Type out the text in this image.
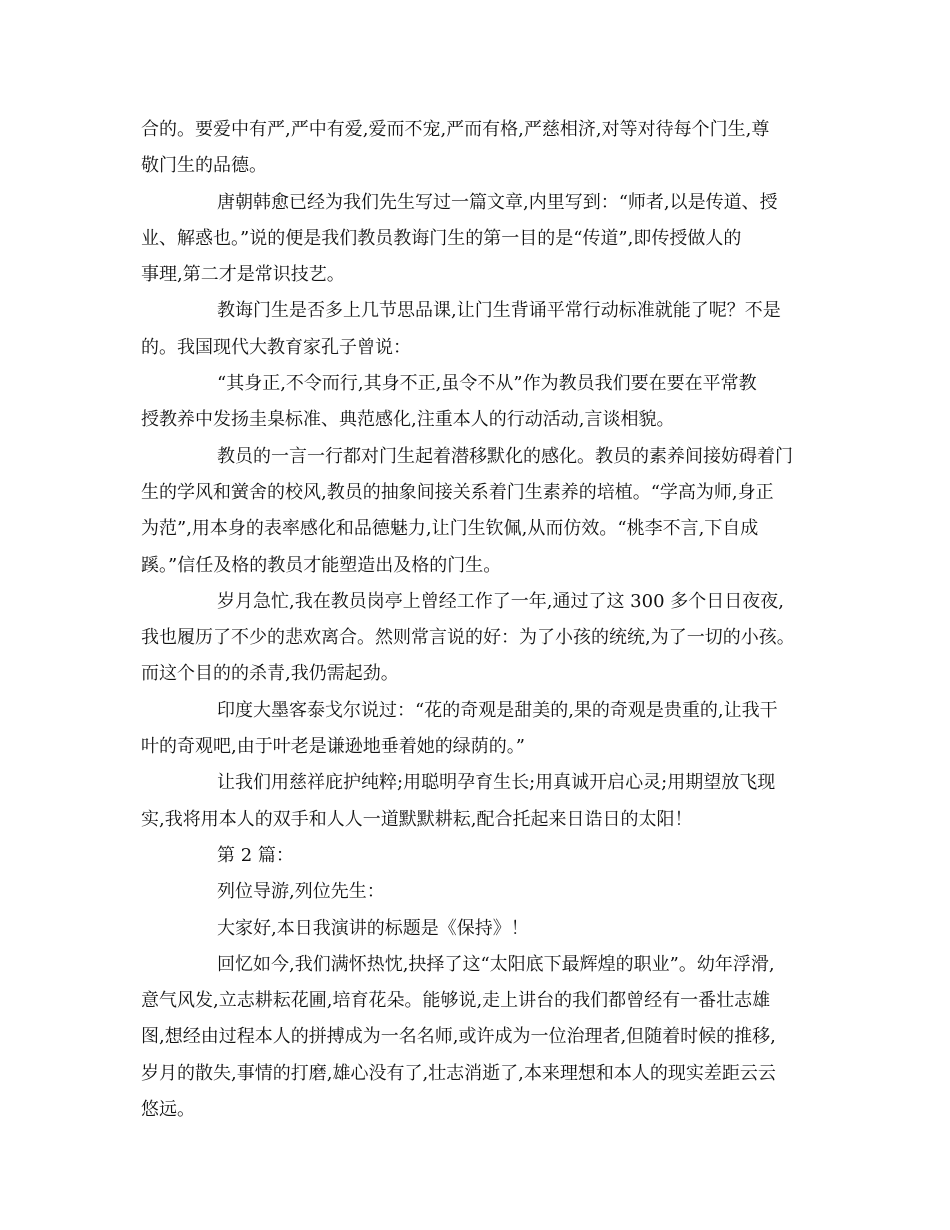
合的。要爱中有严,严中有爱,爱而不宠,严而有格,严慈相济,对等对待每个门生,尊
敬门生的品德。
唐朝韩愈已经为我们先生写过一篇文章,内里写到：“师者,以是传道、授
业、解惑也。”说的便是我们教员教诲门生的第一目的是“传道”,即传授做人的
事理,第二才是常识技艺。
教诲门生是否多上几节思品课,让门生背诵平常行动标准就能了呢？不是
的。我国现代大教育家孔子曾说：
“其身正,不令而行,其身不正,虽令不从”作为教员我们要在要在平常教
授教养中发扬圭臬标准、典范感化,注重本人的行动活动,言谈相貌。
教员的一言一行都对门生起着潜移默化的感化。教员的素养间接妨碍着门
生的学风和黉舍的校风,教员的抽象间接关系着门生素养的培植。“学高为师,身正
为范”,用本身的表率感化和品德魅力,让门生钦佩,从而仿效。“桃李不言,下自成
蹊。”信任及格的教员才能塑造出及格的门生。
岁月急忙,我在教员岗亭上曾经工作了一年,通过了这 300 多个日日夜夜,
我也履历了不少的悲欢离合。然则常言说的好：为了小孩的统统,为了一切的小孩。
而这个目的的杀青,我仍需起劲。
印度大墨客泰戈尔说过：“花的奇观是甜美的,果的奇观是贵重的,让我干
叶的奇观吧,由于叶老是谦逊地垂着她的绿荫的。”
让我们用慈祥庇护纯粹;用聪明孕育生长;用真诚开启心灵;用期望放飞现
实,我将用本人的双手和人人一道默默耕耘,配合托起来日诰日的太阳！
第 2 篇：
列位导游,列位先生：
大家好,本日我演讲的标题是《保持》！
回忆如今,我们满怀热忱,抉择了这“太阳底下最辉煌的职业”。幼年浮滑,
意气风发,立志耕耘花圃,培育花朵。能够说,走上讲台的我们都曾经有一番壮志雄
图,想经由过程本人的拼搏成为一名名师,或许成为一位治理者,但随着时候的推移,
岁月的散失,事情的打磨,雄心没有了,壮志消逝了,本来理想和本人的现实差距云云
悠远。
